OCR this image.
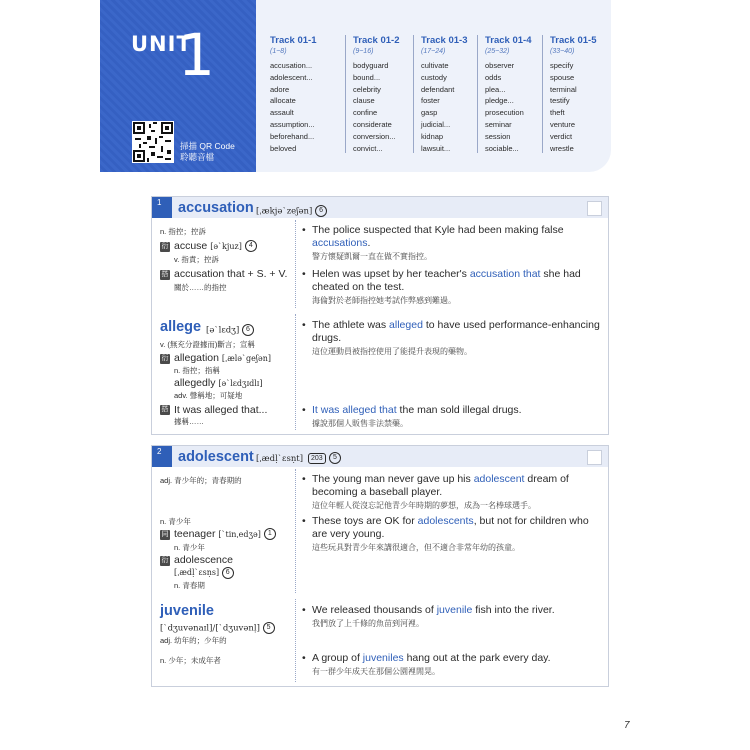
UNIT
1
掃描 QR Code
聆聽音檔
Track 01-1
(1~8)
accusation...
adolescent...
adore
allocate
assault
assumption...
beforehand...
beloved
Track 01-2
(9~16)
bodyguard
bound...
celebrity
clause
confine
considerate
conversion...
convict...
Track 01-3
(17~24)
cultivate
custody
defendant
foster
gasp
judicial...
kidnap
lawsuit...
Track 01-4
(25~32)
observer
odds
plea...
pledge...
prosecution
seminar
session
sociable...
Track 01-5
(33~40)
specify
spouse
terminal
testify
theft
venture
verdict
wrestle
1	accusation [ˌækjəˋzeʃən] 6
n. 指控；控訴
衍 accuse [əˋkjuz] 4
v. 指責；控訴
搭 accusation that + S. + V.
關於……的指控
• The police suspected that Kyle had been making false accusations.
警方懷疑凱爾一直在做不實指控。
• Helen was upset by her teacher's accusation that she had cheated on the test.
海倫對於老師指控她考試作弊感到難過。
allege [əˋlɛdʒ] 6
v. (無充分證據而)斷言；宣稱
衍 allegation [ˌæləˋgeʃən]
n. 指控；指稱
allegedly [əˋlɛdʒɪdlɪ]
adv. 聲稱地；可疑地
搭 It was alleged that...
據稱……
• The athlete was alleged to have used performance-enhancing drugs.
這位運動員被指控使用了能提升表現的藥物。
• It was alleged that the man sold illegal drugs.
據說那個人販售非法禁藥。
2	adolescent [ˌædḷˋɛsṇt]	203	5
adj. 青少年的；青春期的
n. 青少年
同 teenager [ˋtinˌedʒə] 1
n. 青少年
衍 adolescence
[ˌædḷˋɛsṇs] 6
n. 青春期
• The young man never gave up his adolescent dream of becoming a baseball player.
這位年輕人從沒忘記他青少年時期的夢想，成為一名棒球選手。
• These toys are OK for adolescents, but not for children who are very young.
這些玩具對青少年來講很適合，但不適合非常年幼的孩童。
juvenile
[ˋdʒuvənaɪl]/[ˋdʒuvənḷ] 5
adj. 幼年的；少年的
n. 少年；未成年者
• We released thousands of juvenile fish into the river.
我們放了上千條的魚苗到河裡。
• A group of juveniles hang out at the park every day.
有一群少年成天在那個公園裡閒晃。
7
